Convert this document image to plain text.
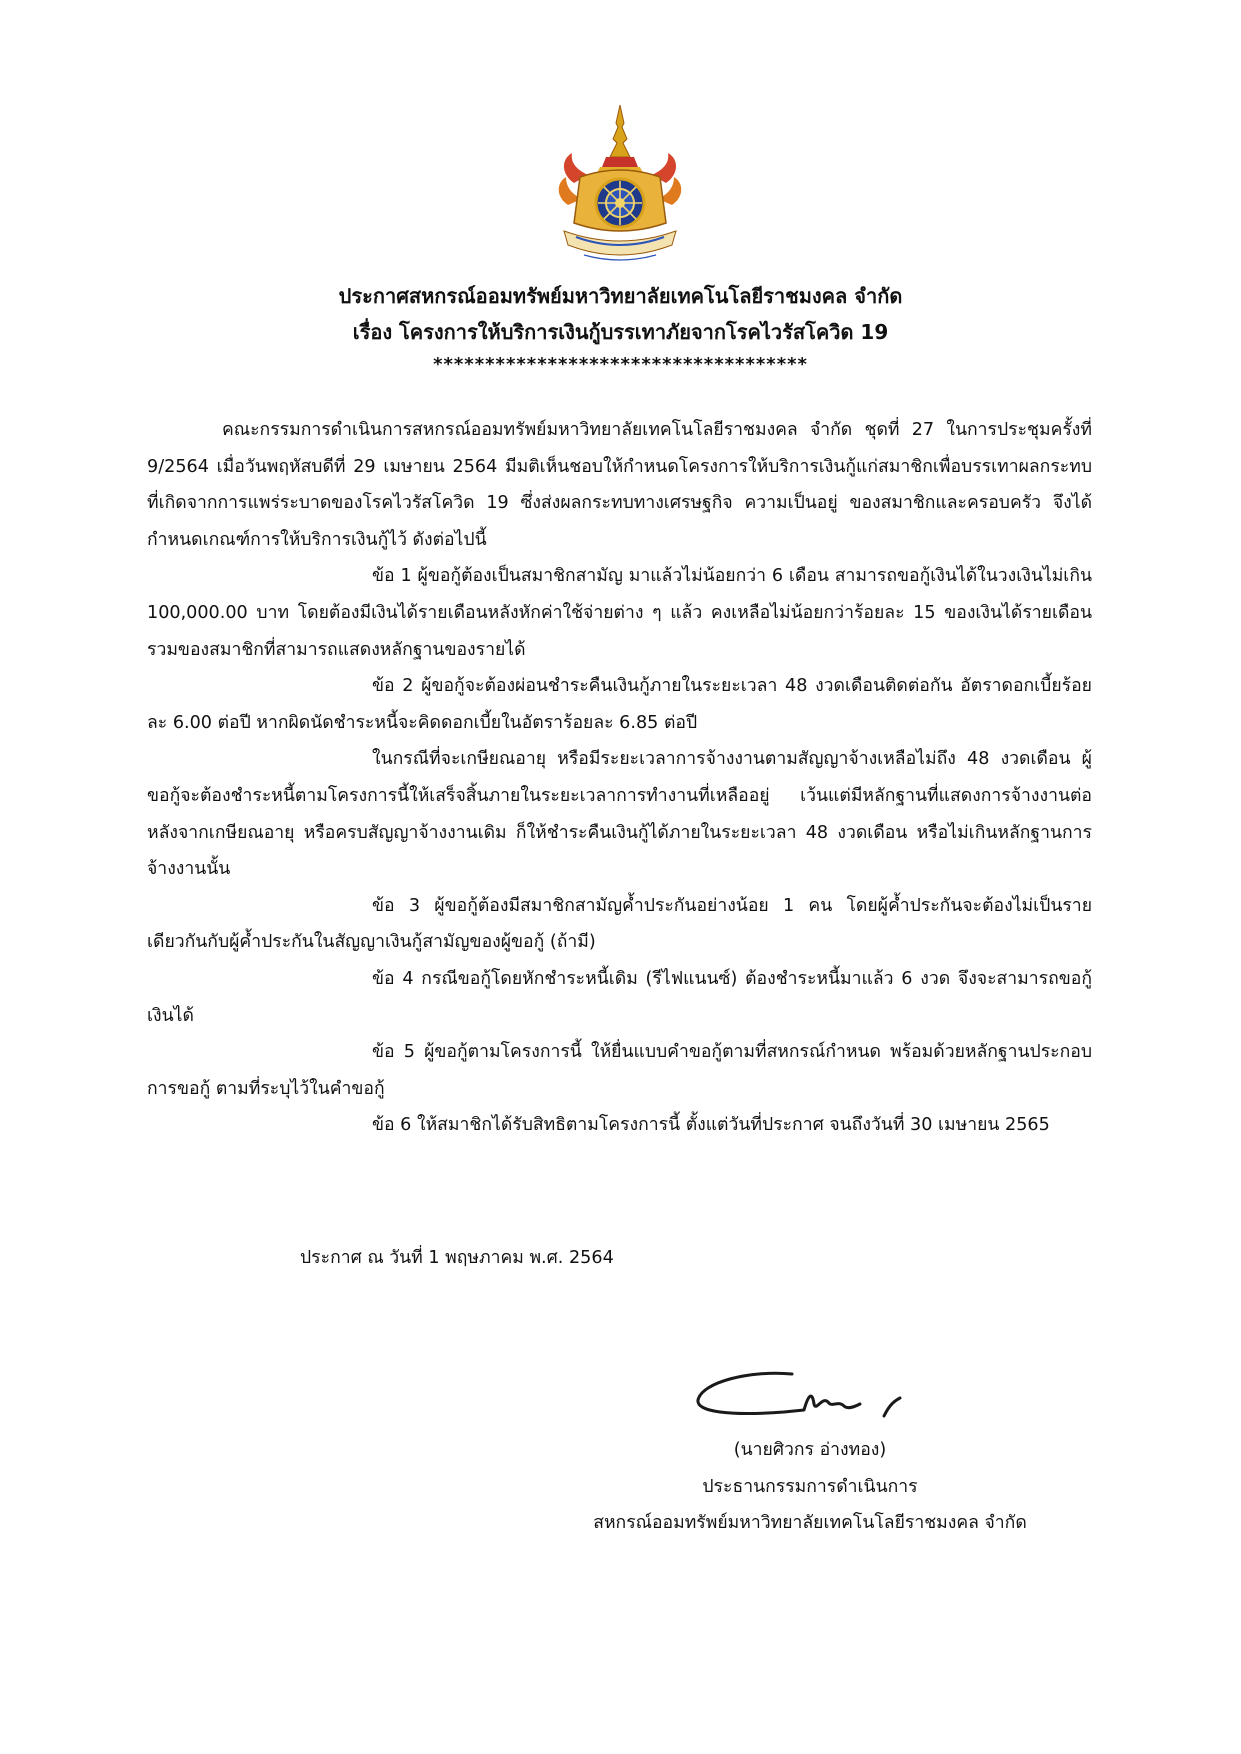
ประกาศสหกรณ์ออมทรัพย์มหาวิทยาลัยเทคโนโลยีราชมงคล จำกัด
เรื่อง โครงการให้บริการเงินกู้บรรเทาภัยจากโรคไวรัสโควิด 19
************************************

คณะกรรมการดำเนินการสหกรณ์ออมทรัพย์มหาวิทยาลัยเทคโนโลยีราชมงคล จำกัด ชุดที่ 27 ในการประชุมครั้งที่ 9/2564 เมื่อวันพฤหัสบดีที่ 29 เมษายน 2564 มีมติเห็นชอบให้กำหนดโครงการให้บริการเงินกู้แก่สมาชิกเพื่อบรรเทาผลกระทบที่เกิดจากการแพร่ระบาดของโรคไวรัสโควิด 19 ซึ่งส่งผลกระทบทางเศรษฐกิจ ความเป็นอยู่ ของสมาชิกและครอบครัว จึงได้กำหนดเกณฑ์การให้บริการเงินกู้ไว้ ดังต่อไปนี้

ข้อ 1 ผู้ขอกู้ต้องเป็นสมาชิกสามัญ มาแล้วไม่น้อยกว่า 6 เดือน สามารถขอกู้เงินได้ในวงเงินไม่เกิน 100,000.00 บาท โดยต้องมีเงินได้รายเดือนหลังหักค่าใช้จ่ายต่าง ๆ แล้ว คงเหลือไม่น้อยกว่าร้อยละ 15 ของเงินได้รายเดือนรวมของสมาชิกที่สามารถแสดงหลักฐานของรายได้

ข้อ 2 ผู้ขอกู้จะต้องผ่อนชำระคืนเงินกู้ภายในระยะเวลา 48 งวดเดือนติดต่อกัน อัตราดอกเบี้ยร้อยละ 6.00 ต่อปี หากผิดนัดชำระหนี้จะคิดดอกเบี้ยในอัตราร้อยละ 6.85 ต่อปี

ในกรณีที่จะเกษียณอายุ หรือมีระยะเวลาการจ้างงานตามสัญญาจ้างเหลือไม่ถึง 48 งวดเดือน ผู้ขอกู้จะต้องชำระหนี้ตามโครงการนี้ให้เสร็จสิ้นภายในระยะเวลาการทำงานที่เหลืออยู่ เว้นแต่มีหลักฐานที่แสดงการจ้างงานต่อหลังจากเกษียณอายุ หรือครบสัญญาจ้างงานเดิม ก็ให้ชำระคืนเงินกู้ได้ภายในระยะเวลา 48 งวดเดือน หรือไม่เกินหลักฐานการจ้างงานนั้น

ข้อ 3 ผู้ขอกู้ต้องมีสมาชิกสามัญค้ำประกันอย่างน้อย 1 คน โดยผู้ค้ำประกันจะต้องไม่เป็นรายเดียวกันกับผู้ค้ำประกันในสัญญาเงินกู้สามัญของผู้ขอกู้ (ถ้ามี)

ข้อ 4 กรณีขอกู้โดยหักชำระหนี้เดิม (รีไฟแนนซ์) ต้องชำระหนี้มาแล้ว 6 งวด จึงจะสามารถขอกู้เงินได้

ข้อ 5 ผู้ขอกู้ตามโครงการนี้ ให้ยื่นแบบคำขอกู้ตามที่สหกรณ์กำหนด พร้อมด้วยหลักฐานประกอบการขอกู้ ตามที่ระบุไว้ในคำขอกู้

ข้อ 6 ให้สมาชิกได้รับสิทธิตามโครงการนี้ ตั้งแต่วันที่ประกาศ จนถึงวันที่ 30 เมษายน 2565

ประกาศ ณ วันที่ 1 พฤษภาคม พ.ศ. 2564
(นายศิวกร อ่างทอง)
ประธานกรรมการดำเนินการ
สหกรณ์ออมทรัพย์มหาวิทยาลัยเทคโนโลยีราชมงคล จำกัด
